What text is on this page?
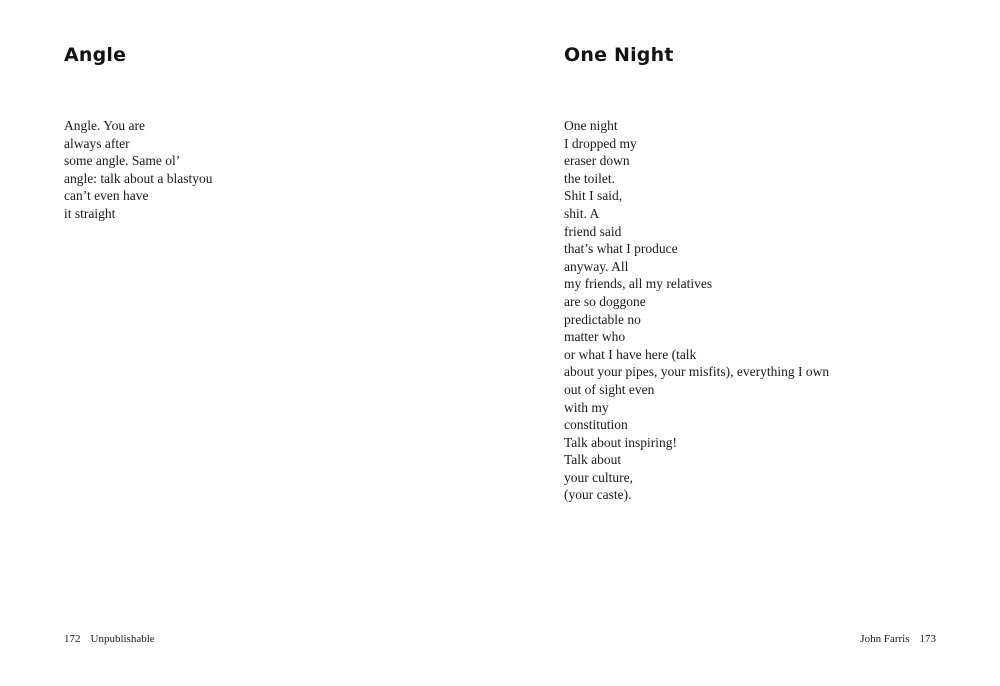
Angle
Angle. You are
always after
some angle. Same ol’
angle: talk about a blastyou
can’t even have
it straight
172 Unpublishable
One Night
One night
I dropped my
eraser down
the toilet.
Shit I said,
shit. A
friend said
that’s what I produce
anyway. All
my friends, all my relatives
are so doggone
predictable no
matter who
or what I have here (talk
about your pipes, your misfits), everything I own
out of sight even
with my
constitution
Talk about inspiring!
Talk about
your culture,
(your caste).
John Farris 173
